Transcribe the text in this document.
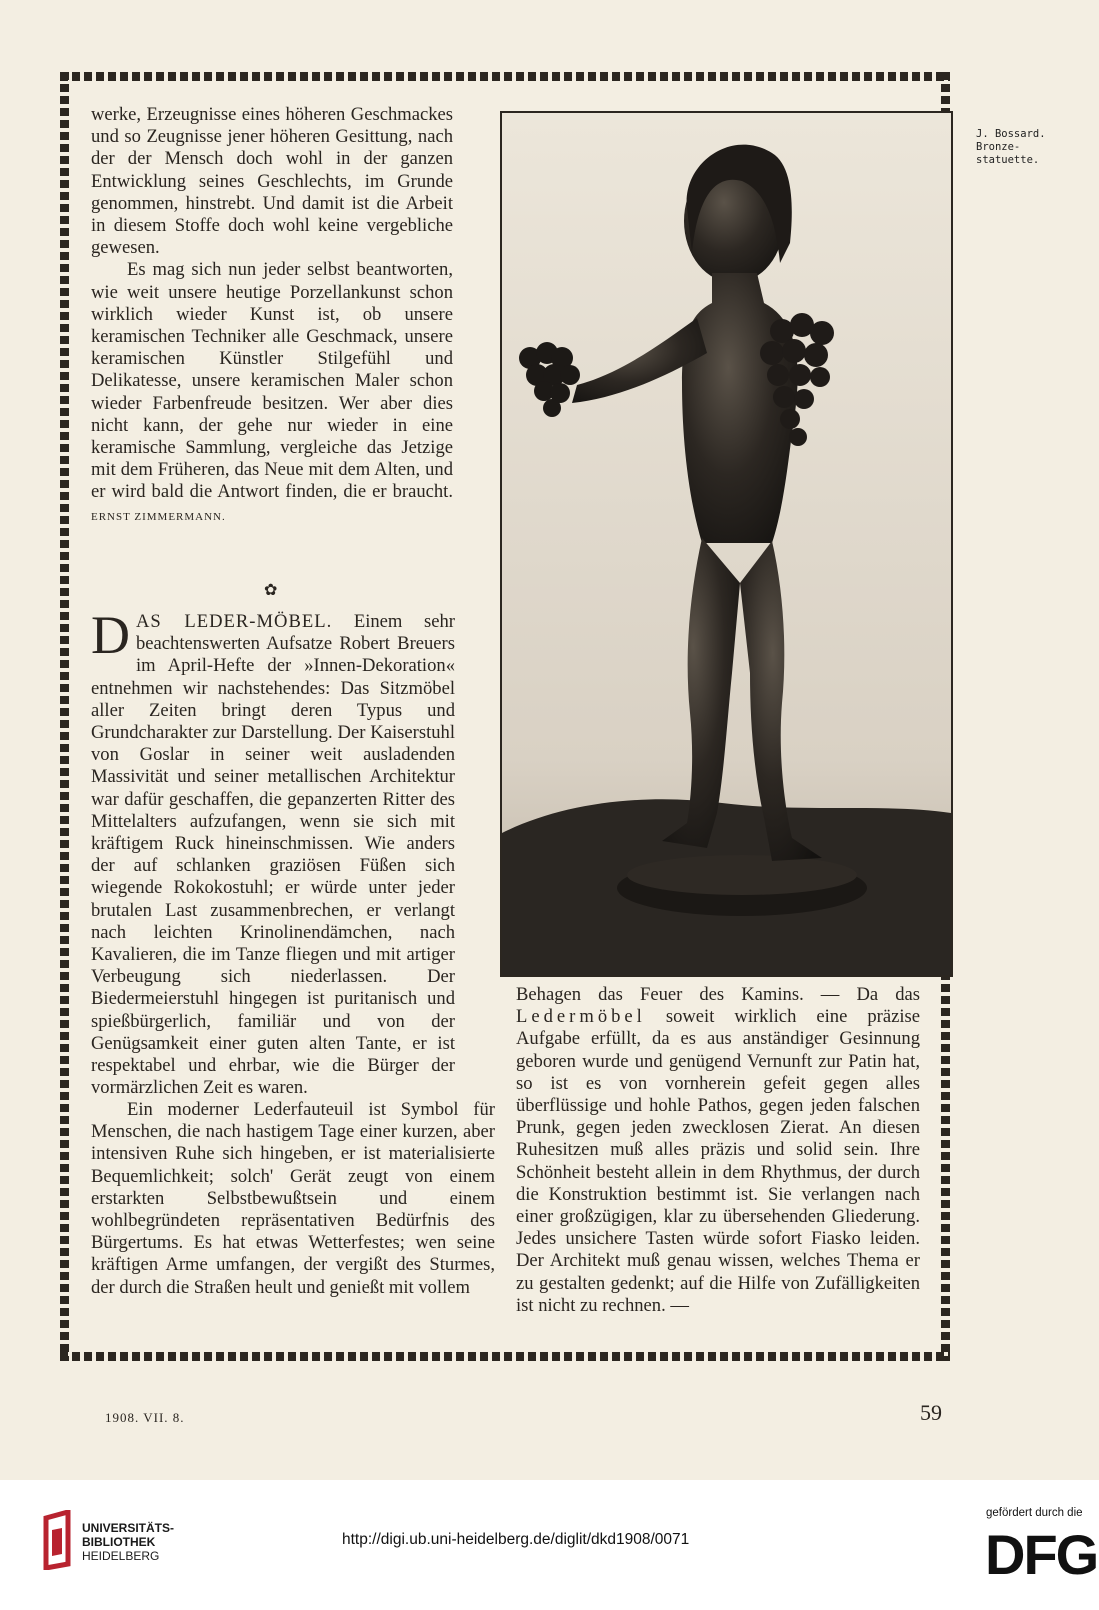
werke, Erzeugnisse eines höheren Geschmackes und so Zeugnisse jener höheren Gesittung, nach der der Mensch doch wohl in der ganzen Entwicklung seines Geschlechts, im Grunde genommen, hinstrebt. Und damit ist die Arbeit in diesem Stoffe doch wohl keine vergebliche gewesen.

Es mag sich nun jeder selbst beantworten, wie weit unsere heutige Porzellankunst schon wirklich wieder Kunst ist, ob unsere keramischen Techniker alle Geschmack, unsere keramischen Künstler Stilgefühl und Delikatesse, unsere keramischen Maler schon wieder Farbenfreude besitzen. Wer aber dies nicht kann, der gehe nur wieder in eine keramische Sammlung, vergleiche das Jetzige mit dem Früheren, das Neue mit dem Alten, und er wird bald die Antwort finden, die er braucht. ERNST ZIMMERMANN.

✿

D AS LEDER-MÖBEL. Einem sehr beachtenswerten Aufsatze Robert Breuers im April-Hefte der »Innen-Dekoration« entnehmen wir nachstehendes: Das Sitzmöbel aller Zeiten bringt deren Typus und Grundcharakter zur Darstellung. Der Kaiserstuhl von Goslar in seiner weit ausladenden Massivität und seiner metallischen Architektur war dafür geschaffen, die gepanzerten Ritter des Mittelalters aufzufangen, wenn sie sich mit kräftigem Ruck hineinschmissen. Wie anders der auf schlanken graziösen Füßen sich wiegende Rokokostuhl; er würde unter jeder brutalen Last zusammenbrechen, er verlangt nach leichten Krinolinendämchen, nach Kavalieren, die im Tanze fliegen und mit artiger Verbeugung sich niederlassen. Der Biedermeierstuhl hingegen ist puritanisch und spießbürgerlich, familiär und von der Genügsamkeit einer guten alten Tante, er ist respektabel und ehrbar, wie die Bürger der vormärzlichen Zeit es waren.

Ein moderner Lederfauteuil ist Symbol für Menschen, die nach hastigem Tage einer kurzen, aber intensiven Ruhe sich hingeben, er ist materialisierte Bequemlichkeit; solch' Gerät zeugt von einem erstarkten Selbstbewußtsein und einem wohlbegründeten repräsentativen Bedürfnis des Bürgertums. Es hat etwas Wetterfestes; wen seine kräftigen Arme umfangen, der vergißt des Sturmes, der durch die Straßen heult und genießt mit vollem

Behagen das Feuer des Kamins. — Da das Ledermöbel soweit wirklich eine präzise Aufgabe erfüllt, da es aus anständiger Gesinnung geboren wurde und genügend Vernunft zur Patin hat, so ist es von vornherein gefeit gegen alles überflüssige und hohle Pathos, gegen jeden falschen Prunk, gegen jeden zwecklosen Zierat. An diesen Ruhesitzen muß alles präzis und solid sein. Ihre Schönheit besteht allein in dem Rhythmus, der durch die Konstruktion bestimmt ist. Sie verlangen nach einer großzügigen, klar zu übersehenden Gliederung. Jedes unsichere Tasten würde sofort Fiasko leiden. Der Architekt muß genau wissen, welches Thema er zu gestalten gedenkt; auf die Hilfe von Zufälligkeiten ist nicht zu rechnen. —

J. Bossard.
Bronze-
statuette.
1908. VII. 8.	59
UNIVERSITÄTS-
BIBLIOTHEK
HEIDELBERG
http://digi.ub.uni-heidelberg.de/diglit/dkd1908/0071
gefördert durch die
DFG
